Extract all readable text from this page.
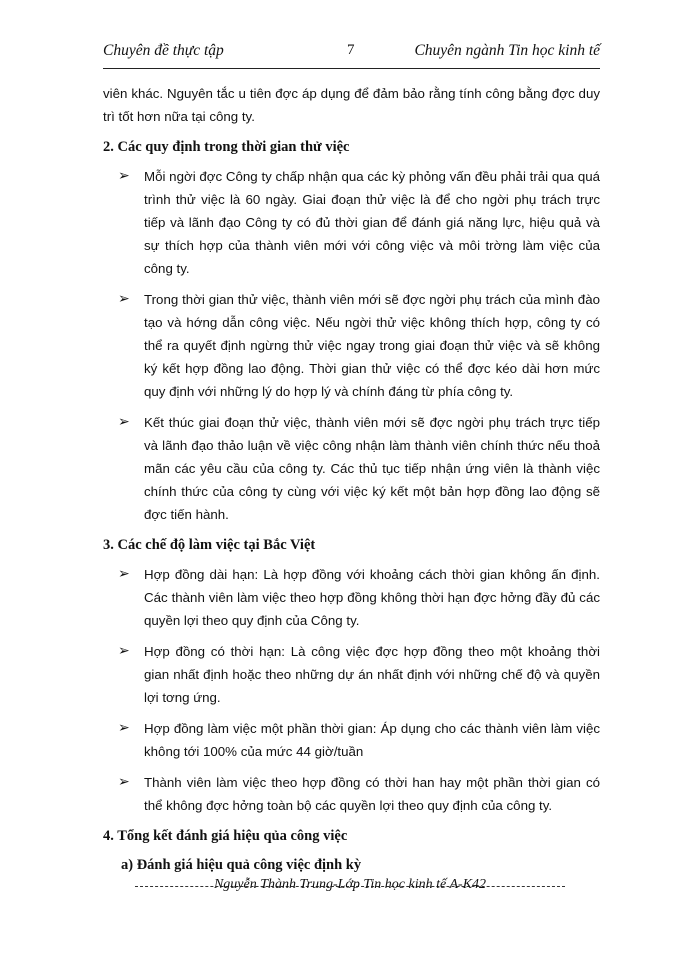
Chuyên đề thực tập	7	Chuyên ngành Tin học kinh tế

viên khác. Nguyên tắc u tiên đợc áp dụng để đảm bảo rằng tính công bằng đợc duy trì tốt hơn nữa tại công ty.

2. Các quy định trong thời gian thử việc

➢ Mỗi ngời đợc Công ty chấp nhận qua các kỳ phỏng vấn đều phải trải qua quá trình thử việc là 60 ngày. Giai đoạn thử việc là để cho ngời phụ trách trực tiếp và lãnh đạo Công ty có đủ thời gian để đánh giá năng lực, hiệu quả và sự thích hợp của thành viên mới với công việc và môi trờng làm việc của công ty.

➢ Trong thời gian thử việc, thành viên mới sẽ đợc ngời phụ trách của mình đào tạo và hớng dẫn công việc. Nếu ngời thử việc không thích hợp, công ty có thể ra quyết định ngừng thử việc ngay trong giai đoạn thử việc và sẽ không ký kết hợp đồng lao động. Thời gian thử việc có thể đợc kéo dài hơn mức quy định với những lý do hợp lý và chính đáng từ phía công ty.

➢ Kết thúc giai đoạn thử việc, thành viên mới sẽ đợc ngời phụ trách trực tiếp và lãnh đạo thảo luận về việc công nhận làm thành viên chính thức nếu thoả mãn các yêu cầu của công ty. Các thủ tục tiếp nhận ứng viên là thành việc chính thức của công ty cùng với việc ký kết một bản hợp đồng lao động sẽ đợc tiến hành.

3. Các chế độ làm việc tại Bắc Việt

➢ Hợp đồng dài hạn: Là hợp đồng với khoảng cách thời gian không ấn định. Các thành viên làm việc theo hợp đồng không thời hạn đợc hởng đầy đủ các quyền lợi theo quy định của Công ty.

➢ Hợp đồng có thời hạn: Là công việc đợc hợp đồng theo một khoảng thời gian nhất định hoặc theo những dự án nhất định với những chế độ và quyền lợi tơng ứng.

➢ Hợp đồng làm việc một phần thời gian: Áp dụng cho các thành viên làm việc không tới 100% của mức 44 giờ/tuần

➢ Thành viên làm việc theo hợp đồng có thời han hay một phần thời gian có thể không đợc hởng toàn bộ các quyền lợi theo quy định của công ty.

4. Tổng kết đánh giá hiệu qủa công việc

a) Đánh giá hiệu quả công việc định kỳ

Nguyễn Thành Trung-Lớp Tin học kinh tế A-K42
